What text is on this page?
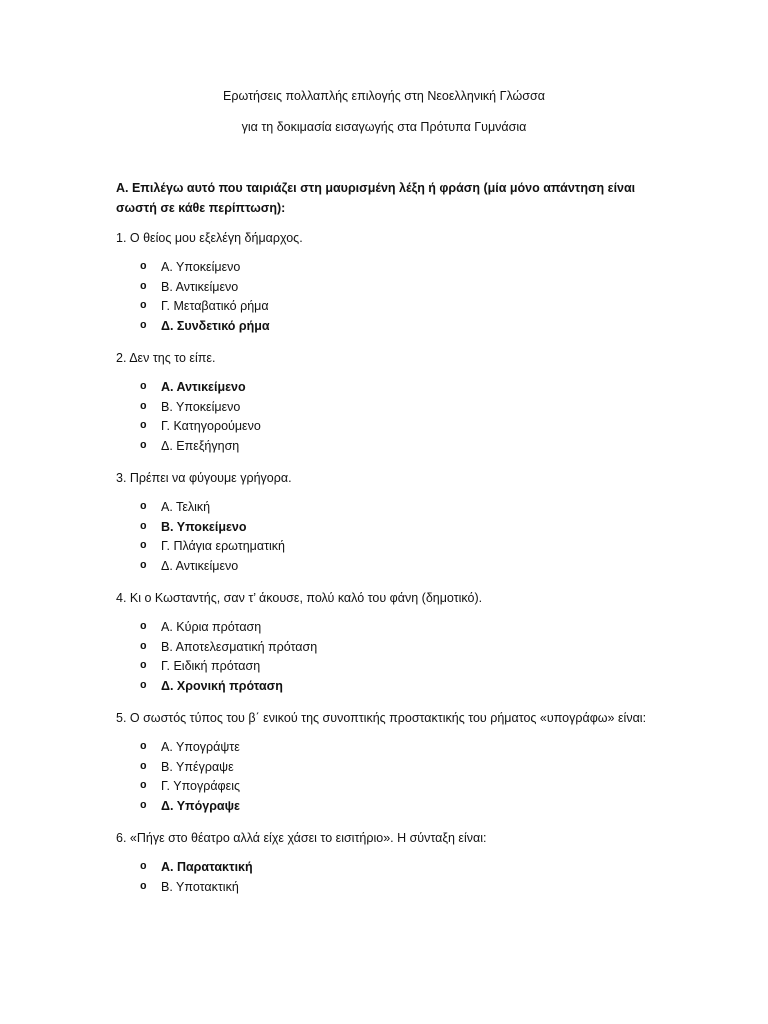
Ερωτήσεις πολλαπλής επιλογής στη Νεοελληνική Γλώσσα
για τη δοκιμασία εισαγωγής στα Πρότυπα Γυμνάσια
Α. Επιλέγω αυτό που ταιριάζει στη μαυρισμένη λέξη ή φράση (μία μόνο απάντηση είναι σωστή σε κάθε περίπτωση):
1. Ο θείος μου εξελέγη δήμαρχος.
o Α. Υποκείμενο
o Β. Αντικείμενο
o Γ. Μεταβατικό ρήμα
o Δ. Συνδετικό ρήμα
2. Δεν της το είπε.
o Α. Αντικείμενο
o Β. Υποκείμενο
o Γ. Κατηγορούμενο
o Δ. Επεξήγηση
3. Πρέπει να φύγουμε γρήγορα.
o Α. Τελική
o Β. Υποκείμενο
o Γ. Πλάγια ερωτηματική
o Δ. Αντικείμενο
4. Κι ο Κωσταντής, σαν τ’ άκουσε, πολύ καλό του φάνη (δημοτικό).
o Α. Κύρια πρόταση
o Β. Αποτελεσματική πρόταση
o Γ. Ειδική πρόταση
o Δ. Χρονική πρόταση
5. Ο σωστός τύπος του β΄ ενικού της συνοπτικής προστακτικής του ρήματος «υπογράφω» είναι:
o Α. Υπογράψτε
o Β. Υπέγραψε
o Γ. Υπογράφεις
o Δ. Υπόγραψε
6. «Πήγε στο θέατρο αλλά είχε χάσει το εισιτήριο». Η σύνταξη είναι:
o Α. Παρατακτική
o Β. Υποτακτική
